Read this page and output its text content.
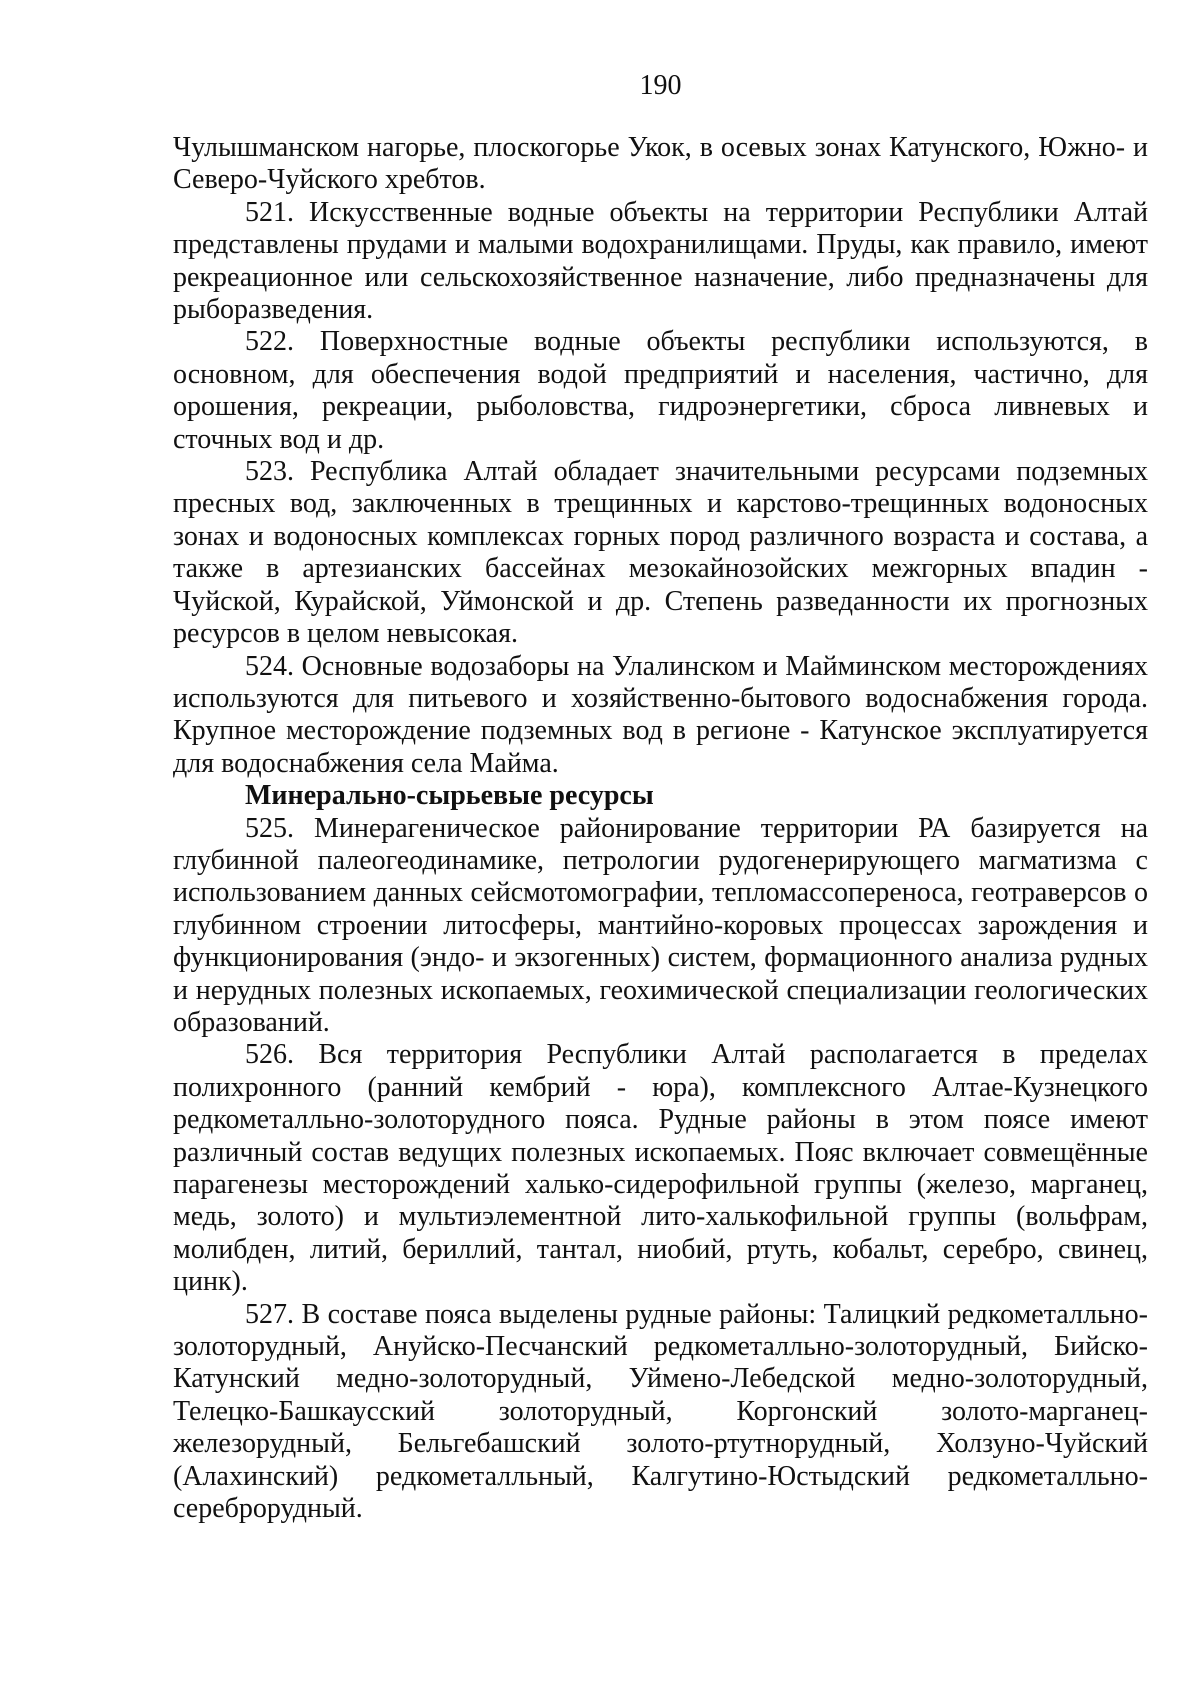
190

Чулышманском нагорье, плоскогорье Укок, в осевых зонах Катунского, Южно- и Северо-Чуйского хребтов.

521. Искусственные водные объекты на территории Республики Алтай представлены прудами и малыми водохранилищами. Пруды, как правило, имеют рекреационное или сельскохозяйственное назначение, либо предназначены для рыборазведения.

522. Поверхностные водные объекты республики используются, в основном, для обеспечения водой предприятий и населения, частично, для орошения, рекреации, рыболовства, гидроэнергетики, сброса ливневых и сточных вод и др.

523. Республика Алтай обладает значительными ресурсами подземных пресных вод, заключенных в трещинных и карстово-трещинных водоносных зонах и водоносных комплексах горных пород различного возраста и состава, а также в артезианских бассейнах мезокайнозойских межгорных впадин - Чуйской, Курайской, Уймонской и др. Степень разведанности их прогнозных ресурсов в целом невысокая.

524. Основные водозаборы на Улалинском и Майминском месторождениях используются для питьевого и хозяйственно-бытового водоснабжения города. Крупное месторождение подземных вод в регионе - Катунское эксплуатируется для водоснабжения села Майма.

Минерально-сырьевые ресурсы

525. Минерагеническое районирование территории РА базируется на глубинной палеогеодинамике, петрологии рудогенерирующего магматизма с использованием данных сейсмотомографии, тепломассопереноса, геотраверсов о глубинном строении литосферы, мантийно-коровых процессах зарождения и функционирования (эндо- и экзогенных) систем, формационного анализа рудных и нерудных полезных ископаемых, геохимической специализации геологических образований.

526. Вся территория Республики Алтай располагается в пределах полихронного (ранний кембрий - юра), комплексного Алтае-Кузнецкого редкометалльно-золоторудного пояса. Рудные районы в этом поясе имеют различный состав ведущих полезных ископаемых. Пояс включает совмещённые парагенезы месторождений халько-сидерофильной группы (железо, марганец, медь, золото) и мультиэлементной лито-халькофильной группы (вольфрам, молибден, литий, бериллий, тантал, ниобий, ртуть, кобальт, серебро, свинец, цинк).

527. В составе пояса выделены рудные районы: Талицкий редкометалльно-золоторудный, Ануйско-Песчанский редкометалльно-золоторудный, Бийско-Катунский медно-золоторудный, Уймено-Лебедской медно-золоторудный, Телецко-Башкаусский золоторудный, Коргонский золото-марганец-железорудный, Бельгебашский золото-ртутнорудный, Холзуно-Чуйский (Алахинский) редкометалльный, Калгутино-Юстыдский редкометалльно-сереброрудный.
